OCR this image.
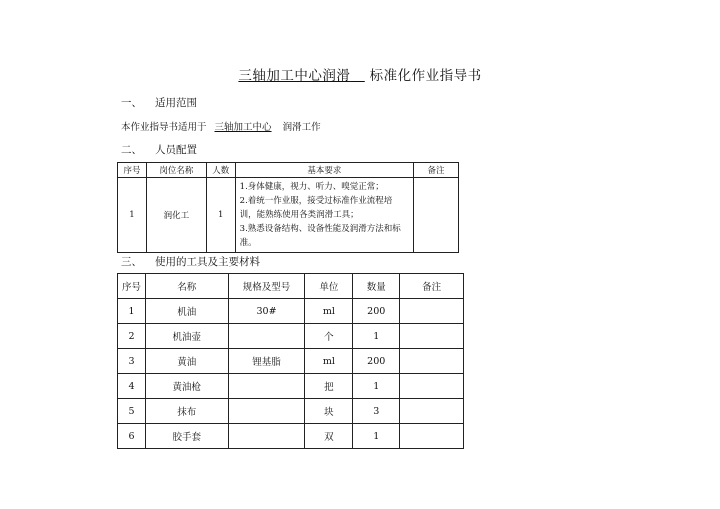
三轴加工中心润滑 标准化作业指导书
一、 适用范围
本作业指导书适用于 三轴加工中心 润滑工作
二、 人员配置
序号	岗位名称	人数	基本要求	备注
1	润化工	1	1.身体健康，视力、听力、嗅觉正常；
2.着统一作业服，接受过标准作业流程培训，能熟练使用各类润滑工具；
3.熟悉设备结构、设备性能及润滑方法和标准。	

三、 使用的工具及主要材料
序号	名称	规格及型号	单位	数量	备注
1	机油	30#	ml	200	
2	机油壶		个	1	
3	黄油	锂基脂	ml	200	
4	黄油枪		把	1	
5	抹布		块	3	
6	胶手套		双	1	
